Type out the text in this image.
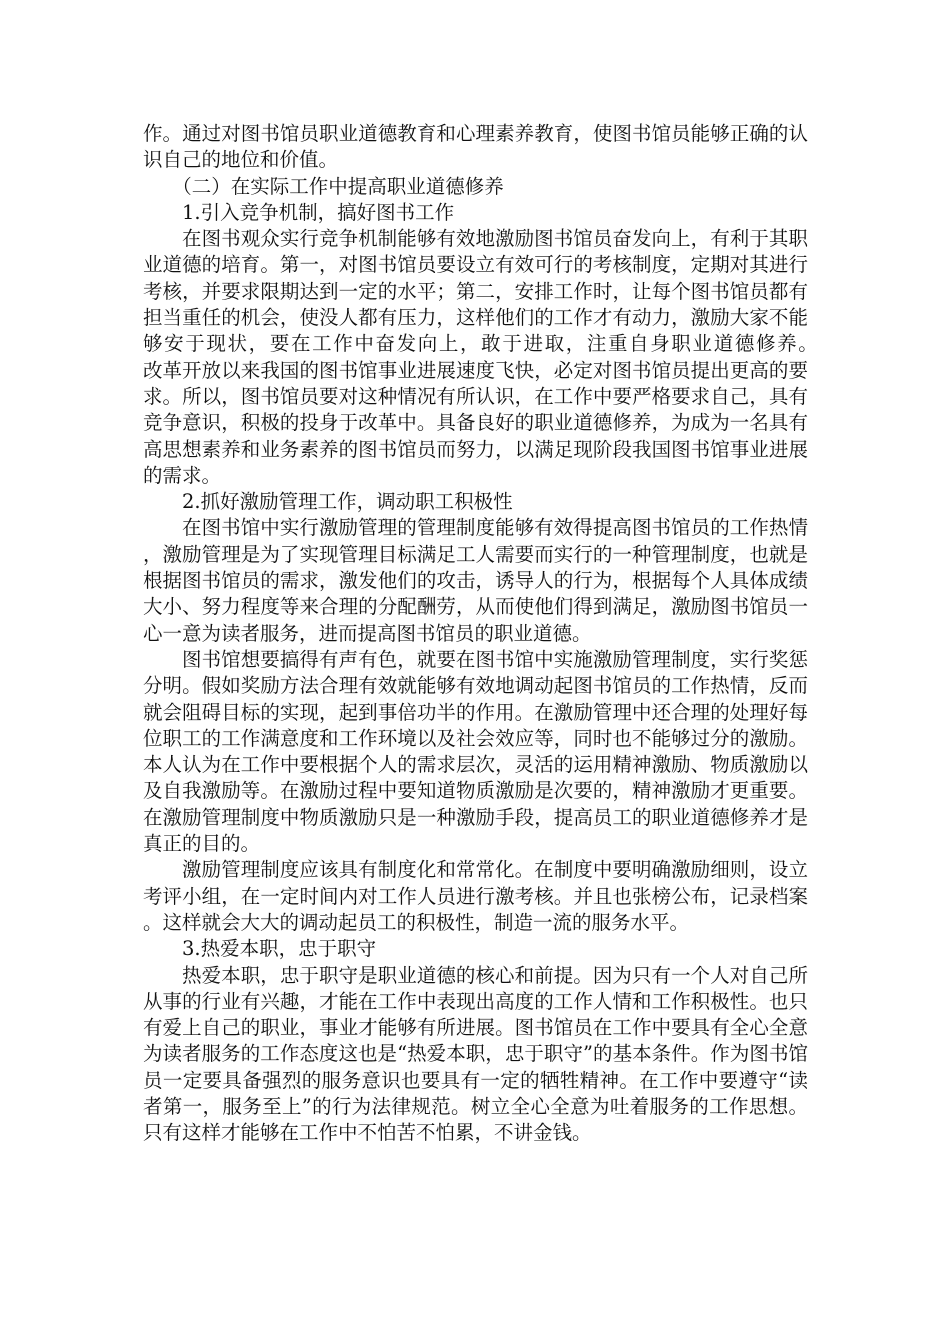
作。通过对图书馆员职业道德教育和心理素养教育，使图书馆员能够正确的认识自己的地位和价值。

（二）在实际工作中提高职业道德修养

1.引入竞争机制，搞好图书工作

在图书观众实行竞争机制能够有效地激励图书馆员奋发向上，有利于其职业道德的培育。第一，对图书馆员要设立有效可行的考核制度，定期对其进行考核，并要求限期达到一定的水平；第二，安排工作时，让每个图书馆员都有担当重任的机会，使没人都有压力，这样他们的工作才有动力，激励大家不能够安于现状，要在工作中奋发向上，敢于进取，注重自身职业道德修养。　　　改革开放以来我国的图书馆事业进展速度飞快，必定对图书馆员提出更高的要求。所以，图书馆员要对这种情况有所认识，在工作中要严格要求自己，具有竞争意识，积极的投身于改革中。具备良好的职业道德修养，为成为一名具有高思想素养和业务素养的图书馆员而努力，以满足现阶段我国图书馆事业进展的需求。

2.抓好激励管理工作，调动职工积极性

在图书馆中实行激励管理的管理制度能够有效得提高图书馆员的工作热情，激励管理是为了实现管理目标满足工人需要而实行的一种管理制度，也就是根据图书馆员的需求，激发他们的攻击，诱导人的行为，根据每个人具体成绩大小、努力程度等来合理的分配酬劳，从而使他们得到满足，激励图书馆员一心一意为读者服务，进而提高图书馆员的职业道德。

图书馆想要搞得有声有色，就要在图书馆中实施激励管理制度，实行奖惩分明。假如奖励方法合理有效就能够有效地调动起图书馆员的工作热情，反而就会阻碍目标的实现，起到事倍功半的作用。在激励管理中还合理的处理好每位职工的工作满意度和工作环境以及社会效应等，同时也不能够过分的激励。本人认为在工作中要根据个人的需求层次，灵活的运用精神激励、物质激励以及自我激励等。在激励过程中要知道物质激励是次要的，精神激励才更重要。在激励管理制度中物质激励只是一种激励手段，提高员工的职业道德修养才是真正的目的。

激励管理制度应该具有制度化和常常化。在制度中要明确激励细则，设立考评小组，在一定时间内对工作人员进行激考核。并且也张榜公布，记录档案。这样就会大大的调动起员工的积极性，制造一流的服务水平。

3.热爱本职，忠于职守

热爱本职，忠于职守是职业道德的核心和前提。因为只有一个人对自己所从事的行业有兴趣，才能在工作中表现出高度的工作人情和工作积极性。也只有爱上自己的职业，事业才能够有所进展。图书馆员在工作中要具有全心全意为读者服务的工作态度这也是“热爱本职，忠于职守”的基本条件。作为图书馆员一定要具备强烈的服务意识也要具有一定的牺牲精神。在工作中要遵守“读者第一，服务至上”的行为法律规范。树立全心全意为吐着服务的工作思想。只有这样才能够在工作中不怕苦不怕累，不讲金钱。
